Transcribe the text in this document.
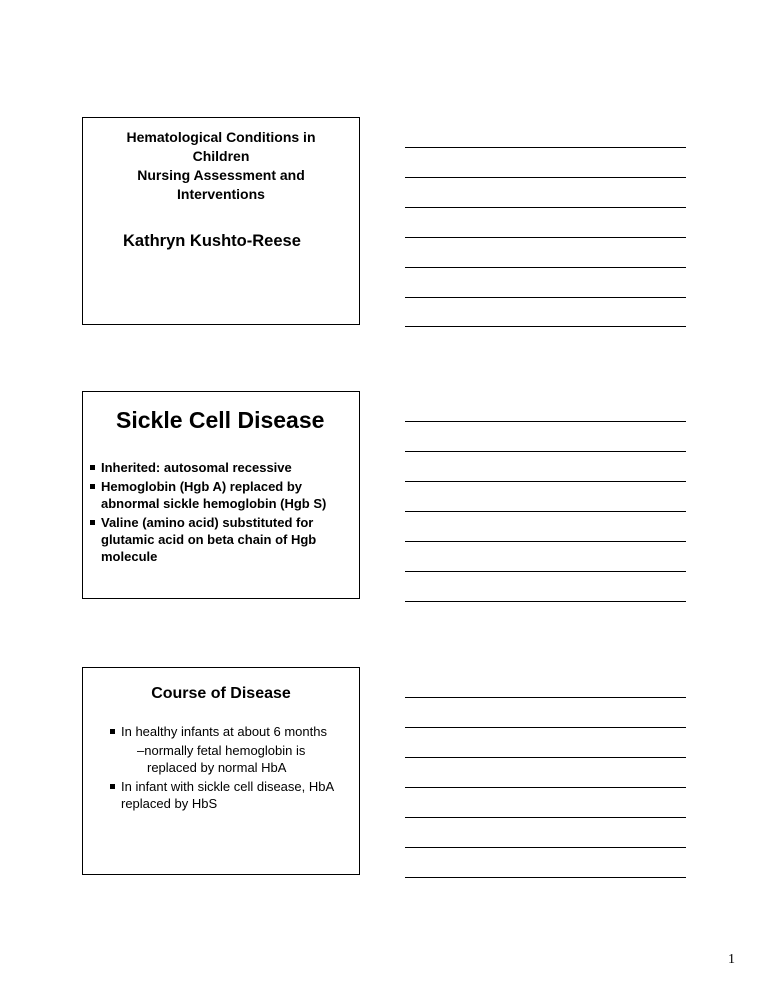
Hematological Conditions in
Children
Nursing Assessment and
Interventions
Kathryn Kushto-Reese
Sickle Cell Disease
Inherited: autosomal recessive
Hemoglobin (Hgb A) replaced by abnormal sickle hemoglobin (Hgb S)
Valine (amino acid) substituted for glutamic acid on beta chain of Hgb molecule
Course of Disease
In healthy infants at about 6 months
–normally fetal hemoglobin is replaced by normal HbA
In infant with sickle cell disease, HbA replaced by HbS
1
